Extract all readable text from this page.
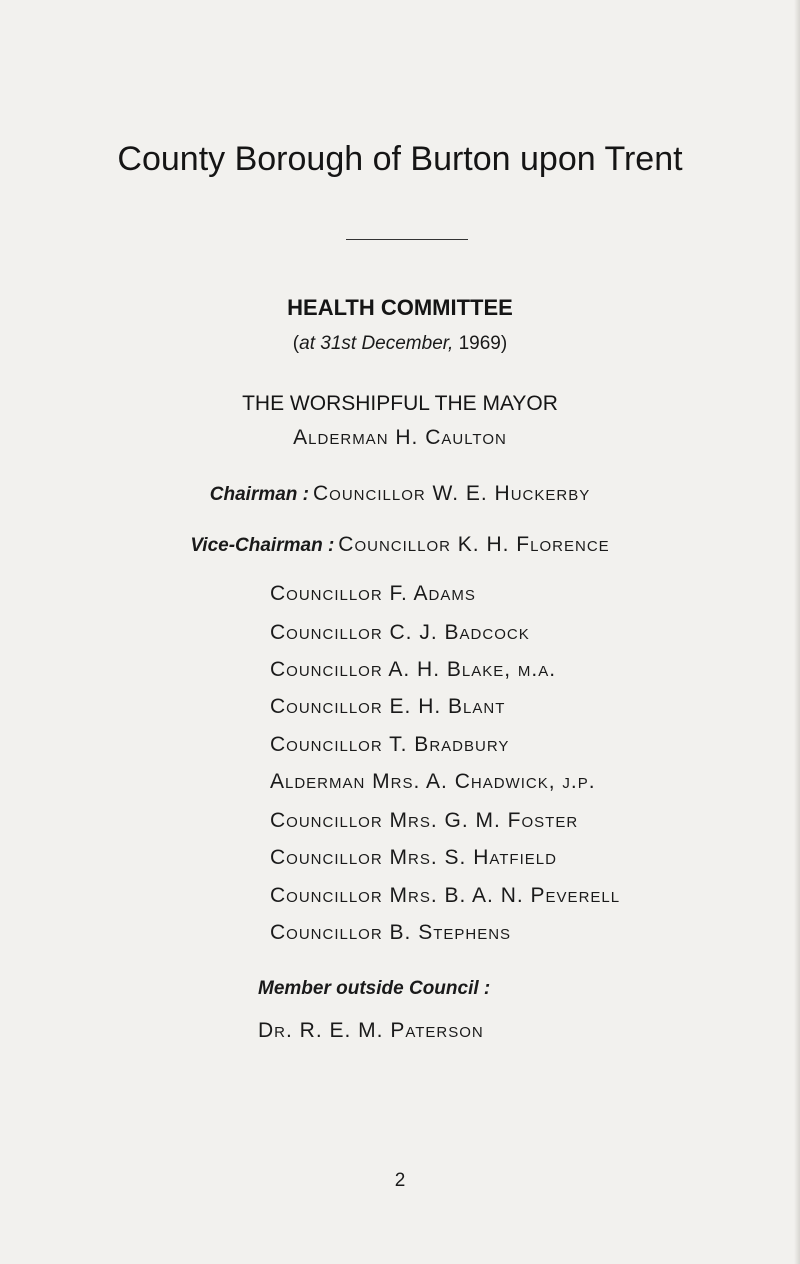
County Borough of Burton upon Trent
HEALTH COMMITTEE
(at 31st December, 1969)
THE WORSHIPFUL THE MAYOR
Alderman H. Caulton
Chairman : Councillor W. E. Huckerby
Vice-Chairman : Councillor K. H. Florence
Councillor F. Adams
Councillor C. J. Badcock
Councillor A. H. Blake, m.a.
Councillor E. H. Blant
Councillor T. Bradbury
Alderman Mrs. A. Chadwick, j.p.
Councillor Mrs. G. M. Foster
Councillor Mrs. S. Hatfield
Councillor Mrs. B. A. N. Peverell
Councillor B. Stephens
Member outside Council :
Dr. R. E. M. Paterson
2
